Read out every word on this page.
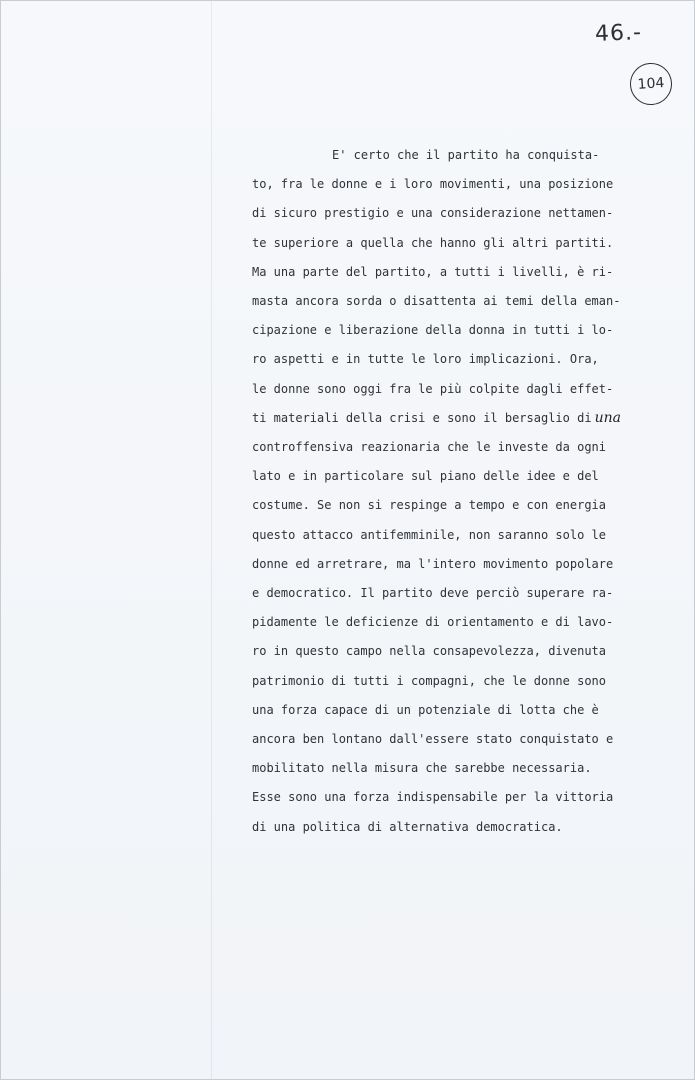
46.-
104
E' certo che il partito ha conquista-
to, fra le donne e i loro movimenti, una posizione
di sicuro prestigio e una considerazione nettamen-
te superiore a quella che hanno gli altri partiti.
Ma una parte del partito, a tutti i livelli, è ri-
masta ancora sorda o disattenta ai temi della eman-
cipazione e liberazione della donna in tutti i lo-
ro aspetti e in tutte le loro implicazioni. Ora,
le donne sono oggi fra le più colpite dagli effet-
ti materiali della crisi e sono il bersaglio di una
controffensiva reazionaria che le investe da ogni
lato e in particolare sul piano delle idee e del
costume. Se non si respinge a tempo e con energia
questo attacco antifemminile, non saranno solo le
donne ed arretrare, ma l'intero movimento popolare
e democratico. Il partito deve perciò superare ra-
pidamente le deficienze di orientamento e di lavo-
ro in questo campo nella consapevolezza, divenuta
patrimonio di tutti i compagni, che le donne sono
una forza capace di un potenziale di lotta che è
ancora ben lontano dall'essere stato conquistato e
mobilitato nella misura che sarebbe necessaria.
Esse sono una forza indispensabile per la vittoria
di una politica di alternativa democratica.
